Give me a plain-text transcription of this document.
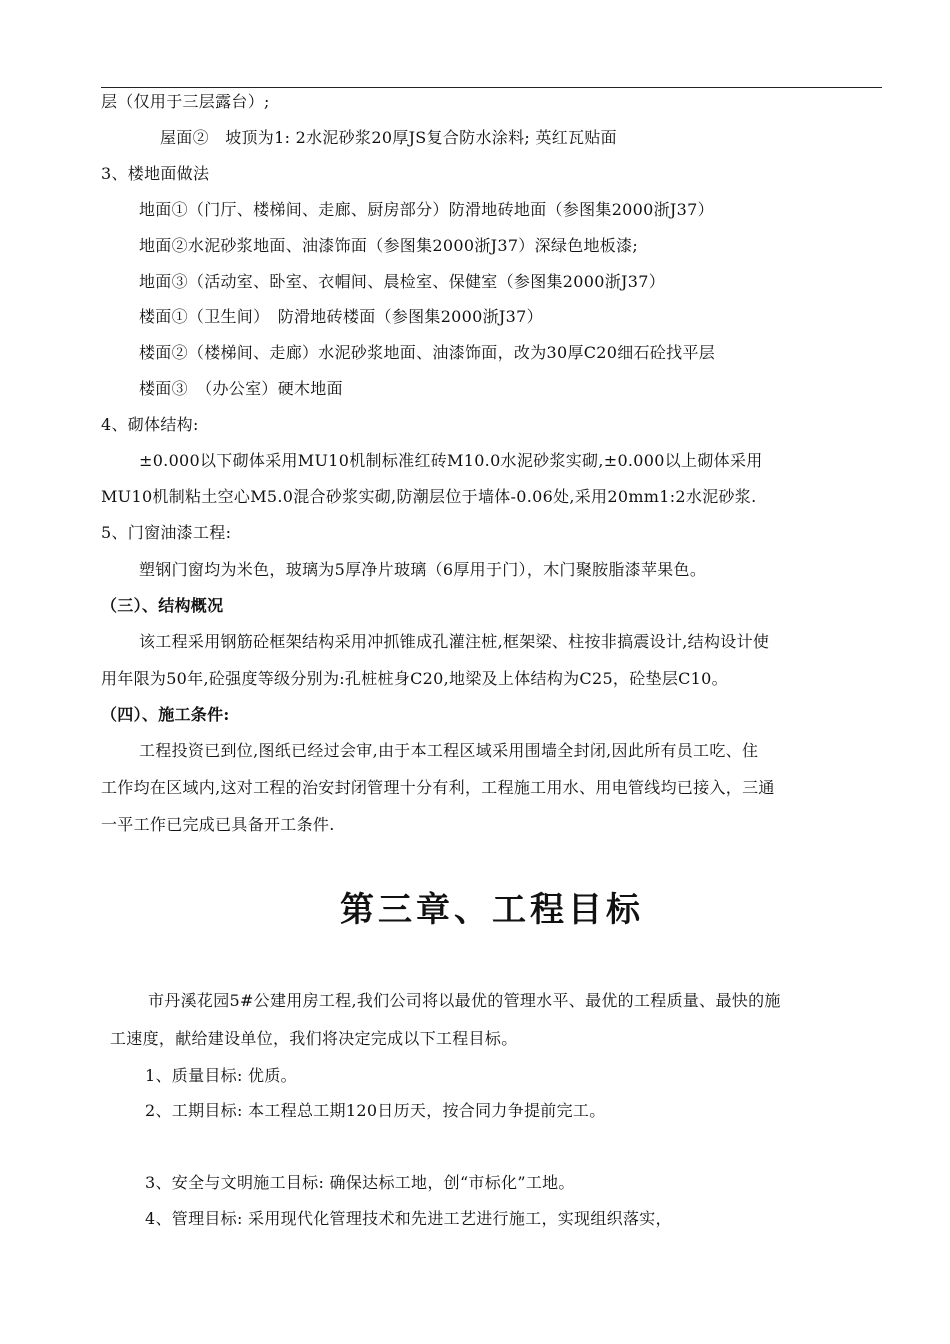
层（仅用于三层露台）;
屋面②　坡顶为1: 2水泥砂浆20厚JS复合防水涂料; 英红瓦贴面
3、楼地面做法
地面①（门厅、楼梯间、走廊、厨房部分）防滑地砖地面（参图集2000浙J37）
地面②水泥砂浆地面、油漆饰面（参图集2000浙J37）深绿色地板漆;
地面③（活动室、卧室、衣帽间、晨检室、保健室（参图集2000浙J37）
楼面①（卫生间）　防滑地砖楼面（参图集2000浙J37）
楼面②（楼梯间、走廊）水泥砂浆地面、油漆饰面，改为30厚C20细石砼找平层
楼面③　（办公室）硬木地面
4、砌体结构:
±0.000以下砌体采用MU10机制标准红砖M10.0水泥砂浆实砌,±0.000以上砌体采用
MU10机制粘土空心M5.0混合砂浆实砌,防潮层位于墙体-0.06处,采用20mm1:2水泥砂浆.
5、门窗油漆工程:
塑钢门窗均为米色，玻璃为5厚净片玻璃（6厚用于门），木门聚胺脂漆苹果色。
（三）、结构概况
该工程采用钢筋砼框架结构采用冲抓锥成孔灌注桩,框架梁、柱按非搞震设计,结构设计使
用年限为50年,砼强度等级分别为:孔桩桩身C20,地梁及上体结构为C25，砼垫层C10。
（四）、施工条件:
工程投资已到位,图纸已经过会审,由于本工程区域采用围墙全封闭,因此所有员工吃、住
工作均在区域内,这对工程的治安封闭管理十分有利，工程施工用水、用电管线均已接入，三通
一平工作已完成已具备开工条件.
第三章、工程目标
市丹溪花园5#公建用房工程,我们公司将以最优的管理水平、最优的工程质量、最快的施
工速度，献给建设单位，我们将决定完成以下工程目标。
1、质量目标: 优质。
2、工期目标: 本工程总工期120日历天，按合同力争提前完工。
3、安全与文明施工目标: 确保达标工地，创“市标化”工地。
4、管理目标: 采用现代化管理技术和先进工艺进行施工，实现组织落实，
